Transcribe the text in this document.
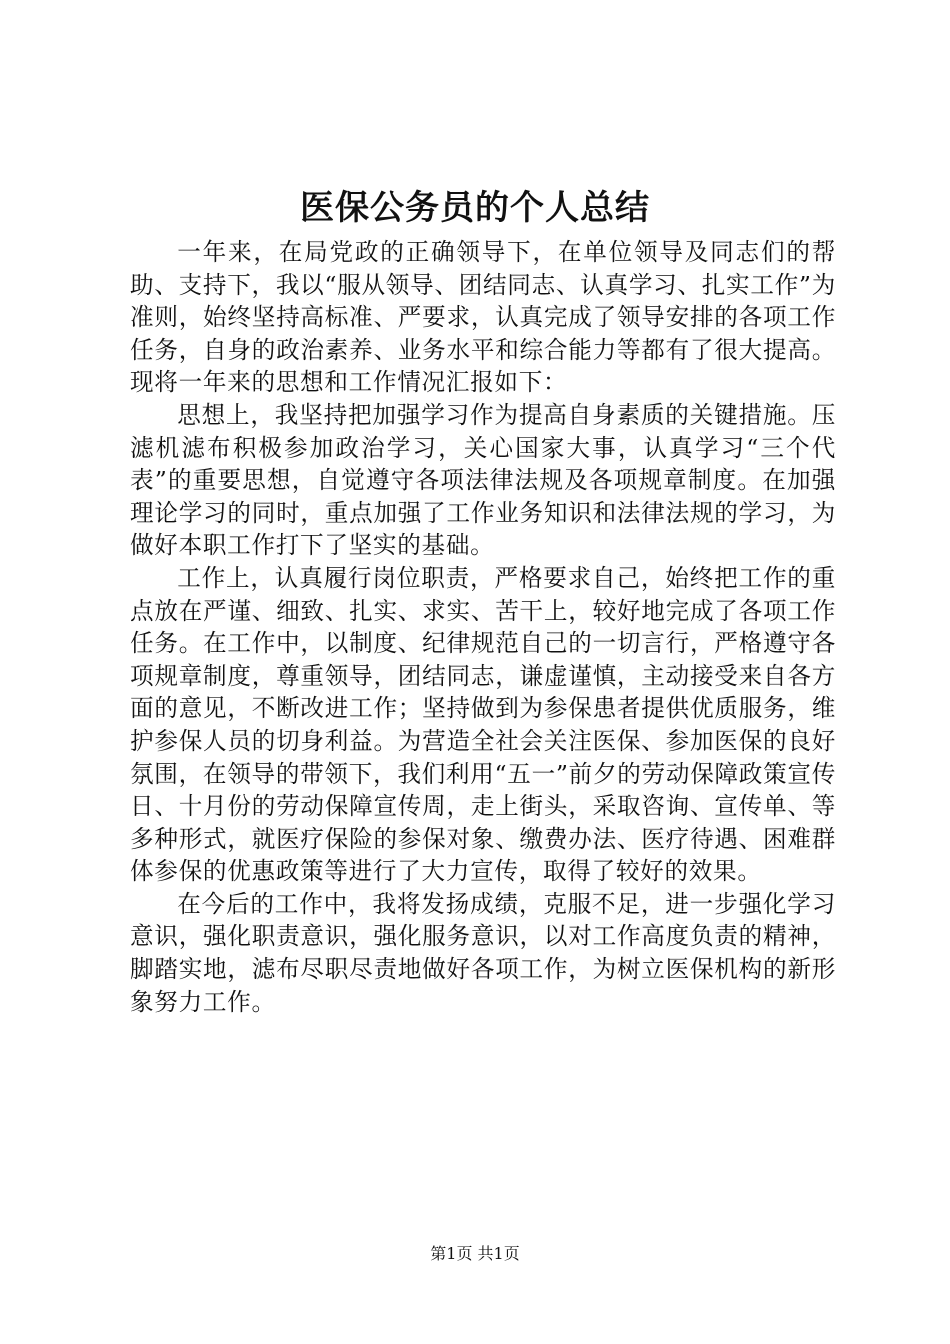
医保公务员的个人总结

一年来，在局党政的正确领导下，在单位领导及同志们的帮助、支持下，我以“服从领导、团结同志、认真学习、扎实工作”为准则，始终坚持高标准、严要求，认真完成了领导安排的各项工作任务，自身的政治素养、业务水平和综合能力等都有了很大提高。现将一年来的思想和工作情况汇报如下：

思想上，我坚持把加强学习作为提高自身素质的关键措施。压滤机滤布积极参加政治学习，关心国家大事，认真学习“三个代表”的重要思想，自觉遵守各项法律法规及各项规章制度。在加强理论学习的同时，重点加强了工作业务知识和法律法规的学习，为做好本职工作打下了坚实的基础。

工作上，认真履行岗位职责，严格要求自己，始终把工作的重点放在严谨、细致、扎实、求实、苦干上，较好地完成了各项工作任务。在工作中，以制度、纪律规范自己的一切言行，严格遵守各项规章制度，尊重领导，团结同志，谦虚谨慎，主动接受来自各方面的意见，不断改进工作；坚持做到为参保患者提供优质服务，维护参保人员的切身利益。为营造全社会关注医保、参加医保的良好氛围，在领导的带领下，我们利用“五一”前夕的劳动保障政策宣传日、十月份的劳动保障宣传周，走上街头，采取咨询、宣传单、等多种形式，就医疗保险的参保对象、缴费办法、医疗待遇、困难群体参保的优惠政策等进行了大力宣传，取得了较好的效果。

在今后的工作中，我将发扬成绩，克服不足，进一步强化学习意识，强化职责意识，强化服务意识，以对工作高度负责的精神，脚踏实地，滤布尽职尽责地做好各项工作，为树立医保机构的新形象努力工作。

第1页 共1页
